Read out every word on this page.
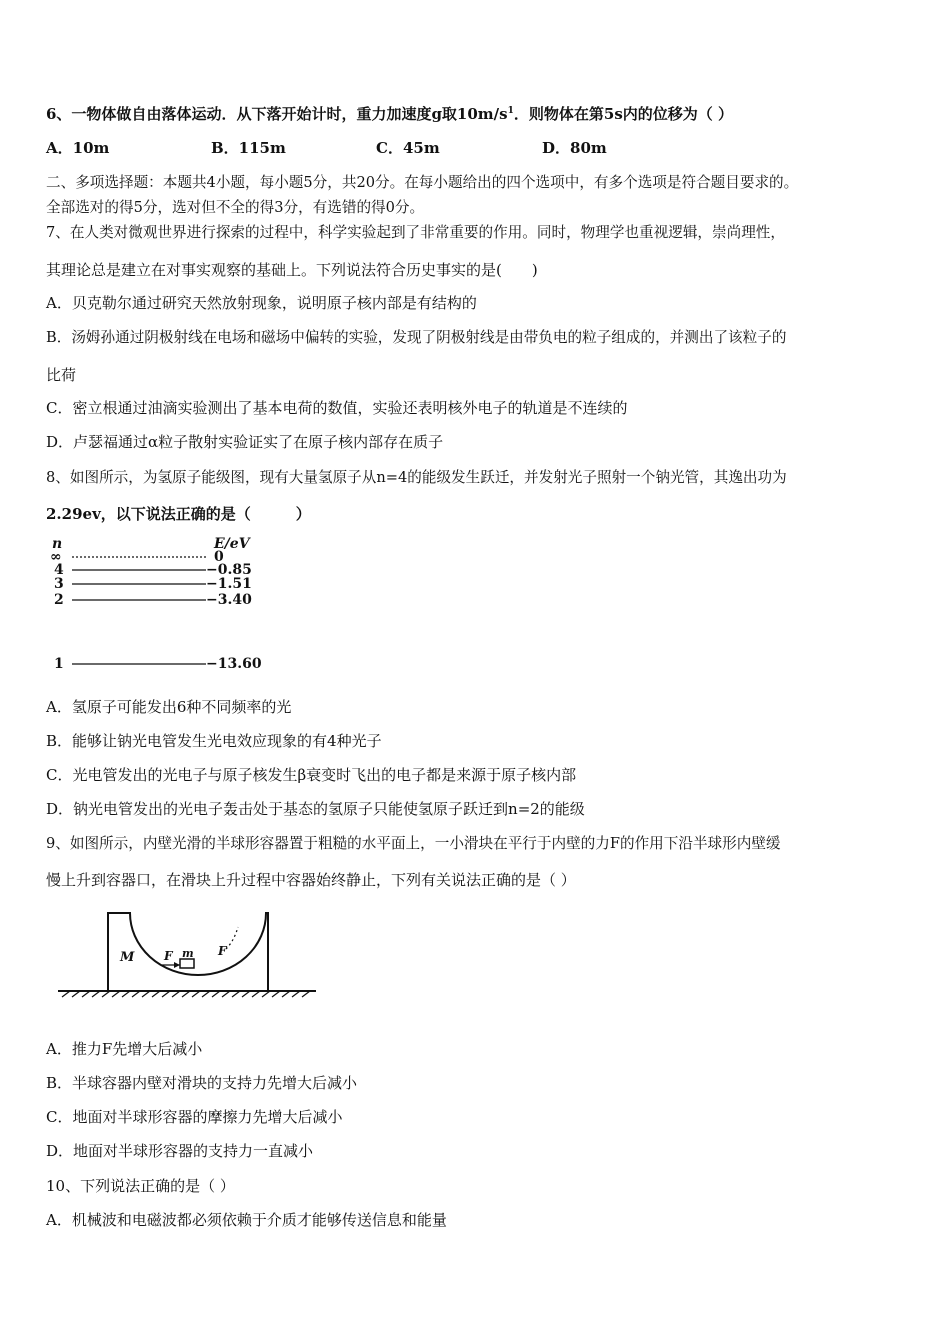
6、一物体做自由落体运动．从下落开始计时，重力加速度g取$10m/s^1$．则物体在第5s内的位移为（ ）
A．10m	B．115m	C．45m	D．80m
二、多项选择题：本题共4小题，每小题5分，共20分。在每小题给出的四个选项中，有多个选项是符合题目要求的。
全部选对的得5分，选对但不全的得3分，有选错的得0分。
7、在人类对微观世界进行探索的过程中，科学实验起到了非常重要的作用。同时，物理学也重视逻辑，崇尚理性，
其理论总是建立在对事实观察的基础上。下列说法符合历史事实的是(　　)
A．贝克勒尔通过研究天然放射现象，说明原子核内部是有结构的
B．汤姆孙通过阴极射线在电场和磁场中偏转的实验，发现了阴极射线是由带负电的粒子组成的，并测出了该粒子的
比荷
C．密立根通过油滴实验测出了基本电荷的数值，实验还表明核外电子的轨道是不连续的
D．卢瑟福通过α粒子散射实验证实了在原子核内部存在质子
8、如图所示，为氢原子能级图，现有大量氢原子从n=4的能级发生跃迁，并发射光子照射一个钠光管，其逸出功为
2.29ev，以下说法正确的是（　　　）
n	E/eV
∞	0
4	−0.85
3	−1.51
2	−3.40
1	−13.60
A．氢原子可能发出6种不同频率的光
B．能够让钠光电管发生光电效应现象的有4种光子
C．光电管发出的光电子与原子核发生β衰变时飞出的电子都是来源于原子核内部
D．钠光电管发出的光电子轰击处于基态的氢原子只能使氢原子跃迁到n=2的能级
9、如图所示，内壁光滑的半球形容器置于粗糙的水平面上，一小滑块在平行于内壁的力F的作用下沿半球形内壁缓
慢上升到容器口，在滑块上升过程中容器始终静止，下列有关说法正确的是（ ）
M F m F
A．推力F先增大后减小
B．半球容器内壁对滑块的支持力先增大后减小
C．地面对半球形容器的摩擦力先增大后减小
D．地面对半球形容器的支持力一直减小
10、下列说法正确的是（ ）
A．机械波和电磁波都必须依赖于介质才能够传送信息和能量
